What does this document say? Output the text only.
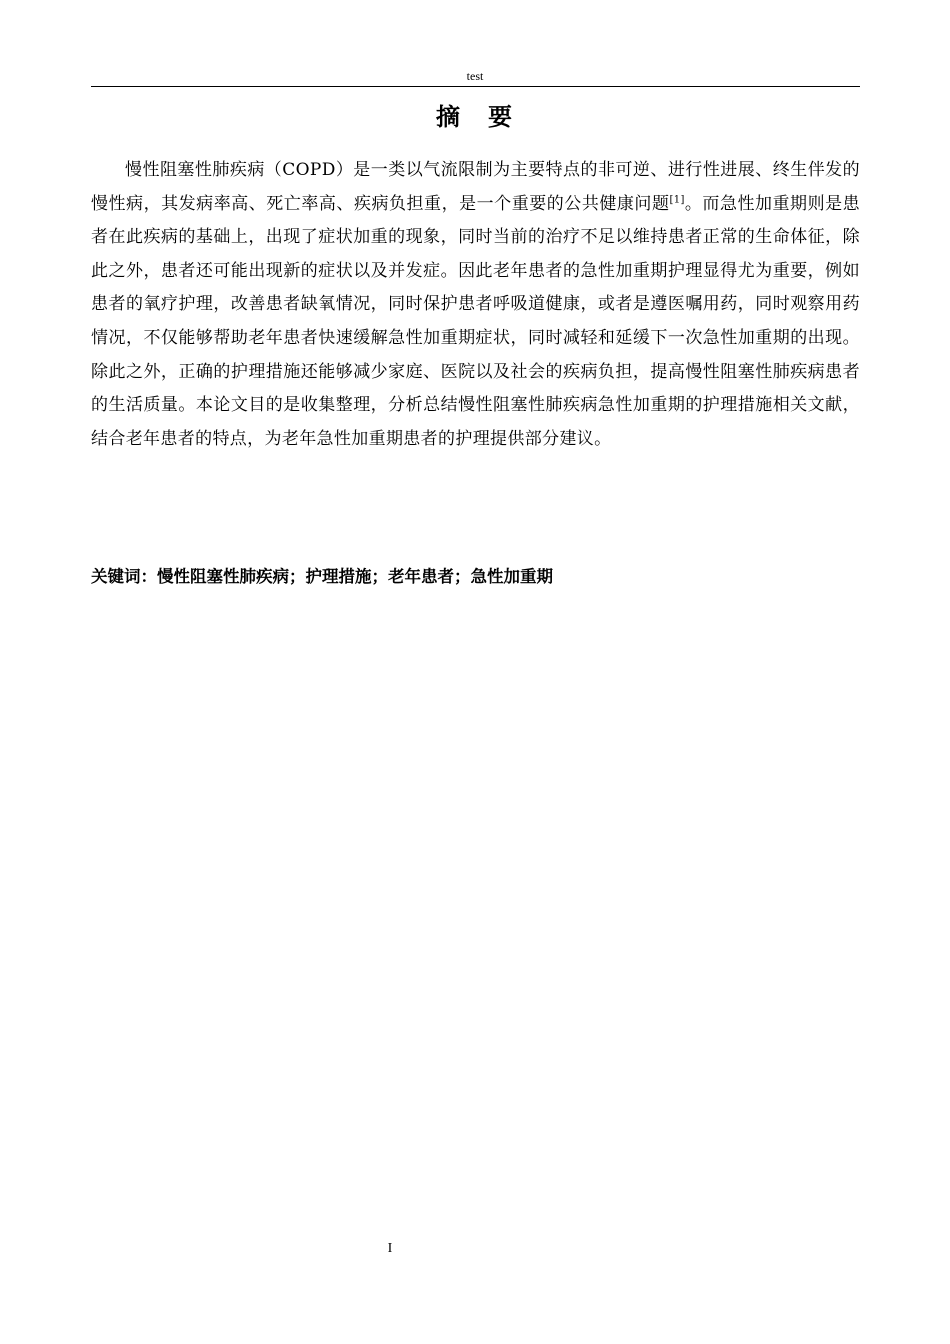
test
摘　要

慢性阻塞性肺疾病（COPD）是一类以气流限制为主要特点的非可逆、进行性进展、终生伴发的慢性病，其发病率高、死亡率高、疾病负担重，是一个重要的公共健康问题[1]。而急性加重期则是患者在此疾病的基础上，出现了症状加重的现象，同时当前的治疗不足以维持患者正常的生命体征，除此之外，患者还可能出现新的症状以及并发症。因此老年患者的急性加重期护理显得尤为重要，例如患者的氧疗护理，改善患者缺氧情况，同时保护患者呼吸道健康，或者是遵医嘱用药，同时观察用药情况，不仅能够帮助老年患者快速缓解急性加重期症状，同时减轻和延缓下一次急性加重期的出现。除此之外，正确的护理措施还能够减少家庭、医院以及社会的疾病负担，提高慢性阻塞性肺疾病患者的生活质量。本论文目的是收集整理，分析总结慢性阻塞性肺疾病急性加重期的护理措施相关文献，结合老年患者的特点，为老年急性加重期患者的护理提供部分建议。

关键词：慢性阻塞性肺疾病；护理措施；老年患者；急性加重期
I
